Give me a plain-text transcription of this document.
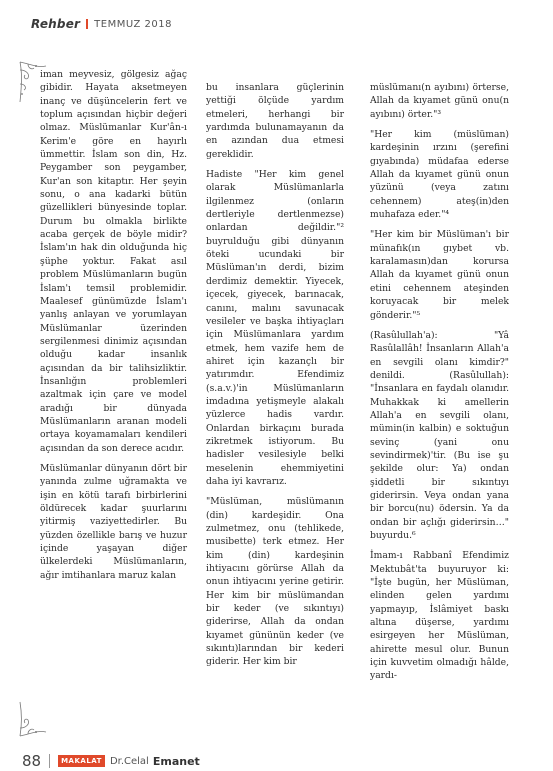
Rehber TEMMUZ 2018

iman meyvesiz, gölgesiz ağaç gibidir. Hayata aksetmeyen inanç ve düşüncelerin fert ve toplum açısından hiçbir değeri olmaz. Müslümanlar Kur'ân-ı Kerim'e göre en hayırlı ümmettir. İslam son din, Hz. Peygamber son peygamber, Kur'an son kitaptır. Her şeyin sonu, o ana kadarki bütün güzellikleri bünyesinde toplar. Durum bu olmakla birlikte acaba gerçek de böyle midir? İslam'ın hak din olduğunda hiç şüphe yoktur. Fakat asıl problem Müslümanların bugün İslam'ı temsil problemidir. Maalesef günümüzde İslam'ı yanlış anlayan ve yorumlayan Müslümanlar üzerinden sergilenmesi dinimiz açısından olduğu kadar insanlık açısından da bir talihsizliktir. İnsanlığın problemleri azaltmak için çare ve model aradığı bir dünyada Müslümanların aranan modeli ortaya koyamamaları kendileri açısından da son derece acıdır.

Müslümanlar dünyanın dört bir yanında zulme uğramakta ve işin en kötü tarafı birbirlerini öldürecek kadar şuurlarını yitirmiş vaziyettedirler. Bu yüzden özellikle barış ve huzur içinde yaşayan diğer ülkelerdeki Müslümanların, ağır imtihanlara maruz kalan

bu insanlara güçlerinin yettiği ölçüde yardım etmeleri, herhangi bir yardımda bulunamayanın da en azından dua etmesi gereklidir.

Hadiste "Her kim genel olarak Müslümanlarla ilgilenmez (onların dertleriyle dertlenmezse) onlardan değildir."² buyrulduğu gibi dünyanın öteki ucundaki bir Müslüman'ın derdi, bizim derdimiz demektir. Yiyecek, içecek, giyecek, barınacak, canını, malını savunacak vesileler ve başka ihtiyaçları için Müslümanlara yardım etmek, hem vazife hem de ahiret için kazançlı bir yatırımdır. Efendimiz (s.a.v.)'in Müslümanların imdadına yetişmeyle alakalı yüzlerce hadis vardır. Onlardan birkaçını burada zikretmek istiyorum. Bu hadisler vesilesiyle belki meselenin ehemmiyetini daha iyi kavrarız.

"Müslüman, müslümanın (din) kardeşidir. Ona zulmetmez, onu (tehlikede, musibette) terk etmez. Her kim (din) kardeşinin ihtiyacını görürse Allah da onun ihtiyacını yerine getirir. Her kim bir müslümandan bir keder (ve sıkıntıyı) giderirse, Allah da ondan kıyamet gününün keder (ve sıkıntı)larından bir kederi giderir. Her kim bir

müslümanı(n ayıbını) örterse, Allah da kıyamet günü onu(n ayıbını) örter."³

"Her kim (müslüman) kardeşinin ırzını (şerefini gıyabında) müdafaa ederse Allah da kıyamet günü onun yüzünü (veya zatını cehennem) ateş(in)den muhafaza eder."⁴

"Her kim bir Müslüman'ı bir münafık(ın gıybet vb. karalamasın)dan korursa Allah da kıyamet günü onun etini cehennem ateşinden koruyacak bir melek gönderir."⁵

(Rasûlullah'a): "Yâ Rasûlallâh! İnsanların Allah'a en sevgili olanı kimdir?" denildi. (Rasûlullah): "İnsanlara en faydalı olanıdır. Muhakkak ki amellerin Allah'a en sevgili olanı, mümin(in kalbin) e soktuğun sevinç (yani onu sevindirmek)'tir. (Bu ise şu şekilde olur: Ya) ondan şiddetli bir sıkıntıyı giderirsin. Veya ondan yana bir borcu(nu) ödersin. Ya da ondan bir açlığı giderirsin…" buyurdu.⁶

İmam-ı Rabbanî Efendimiz Mektubât'ta buyuruyor ki: "İşte bugün, her Müslüman, elinden gelen yardımı yapmayıp, İslâmiyet baskı altına düşerse, yardımı esirgeyen her Müslüman, ahirette mesul olur. Bunun için kuvvetim olmadığı hâlde, yardı-

88	MAKALAT Dr.Celal Emanet
